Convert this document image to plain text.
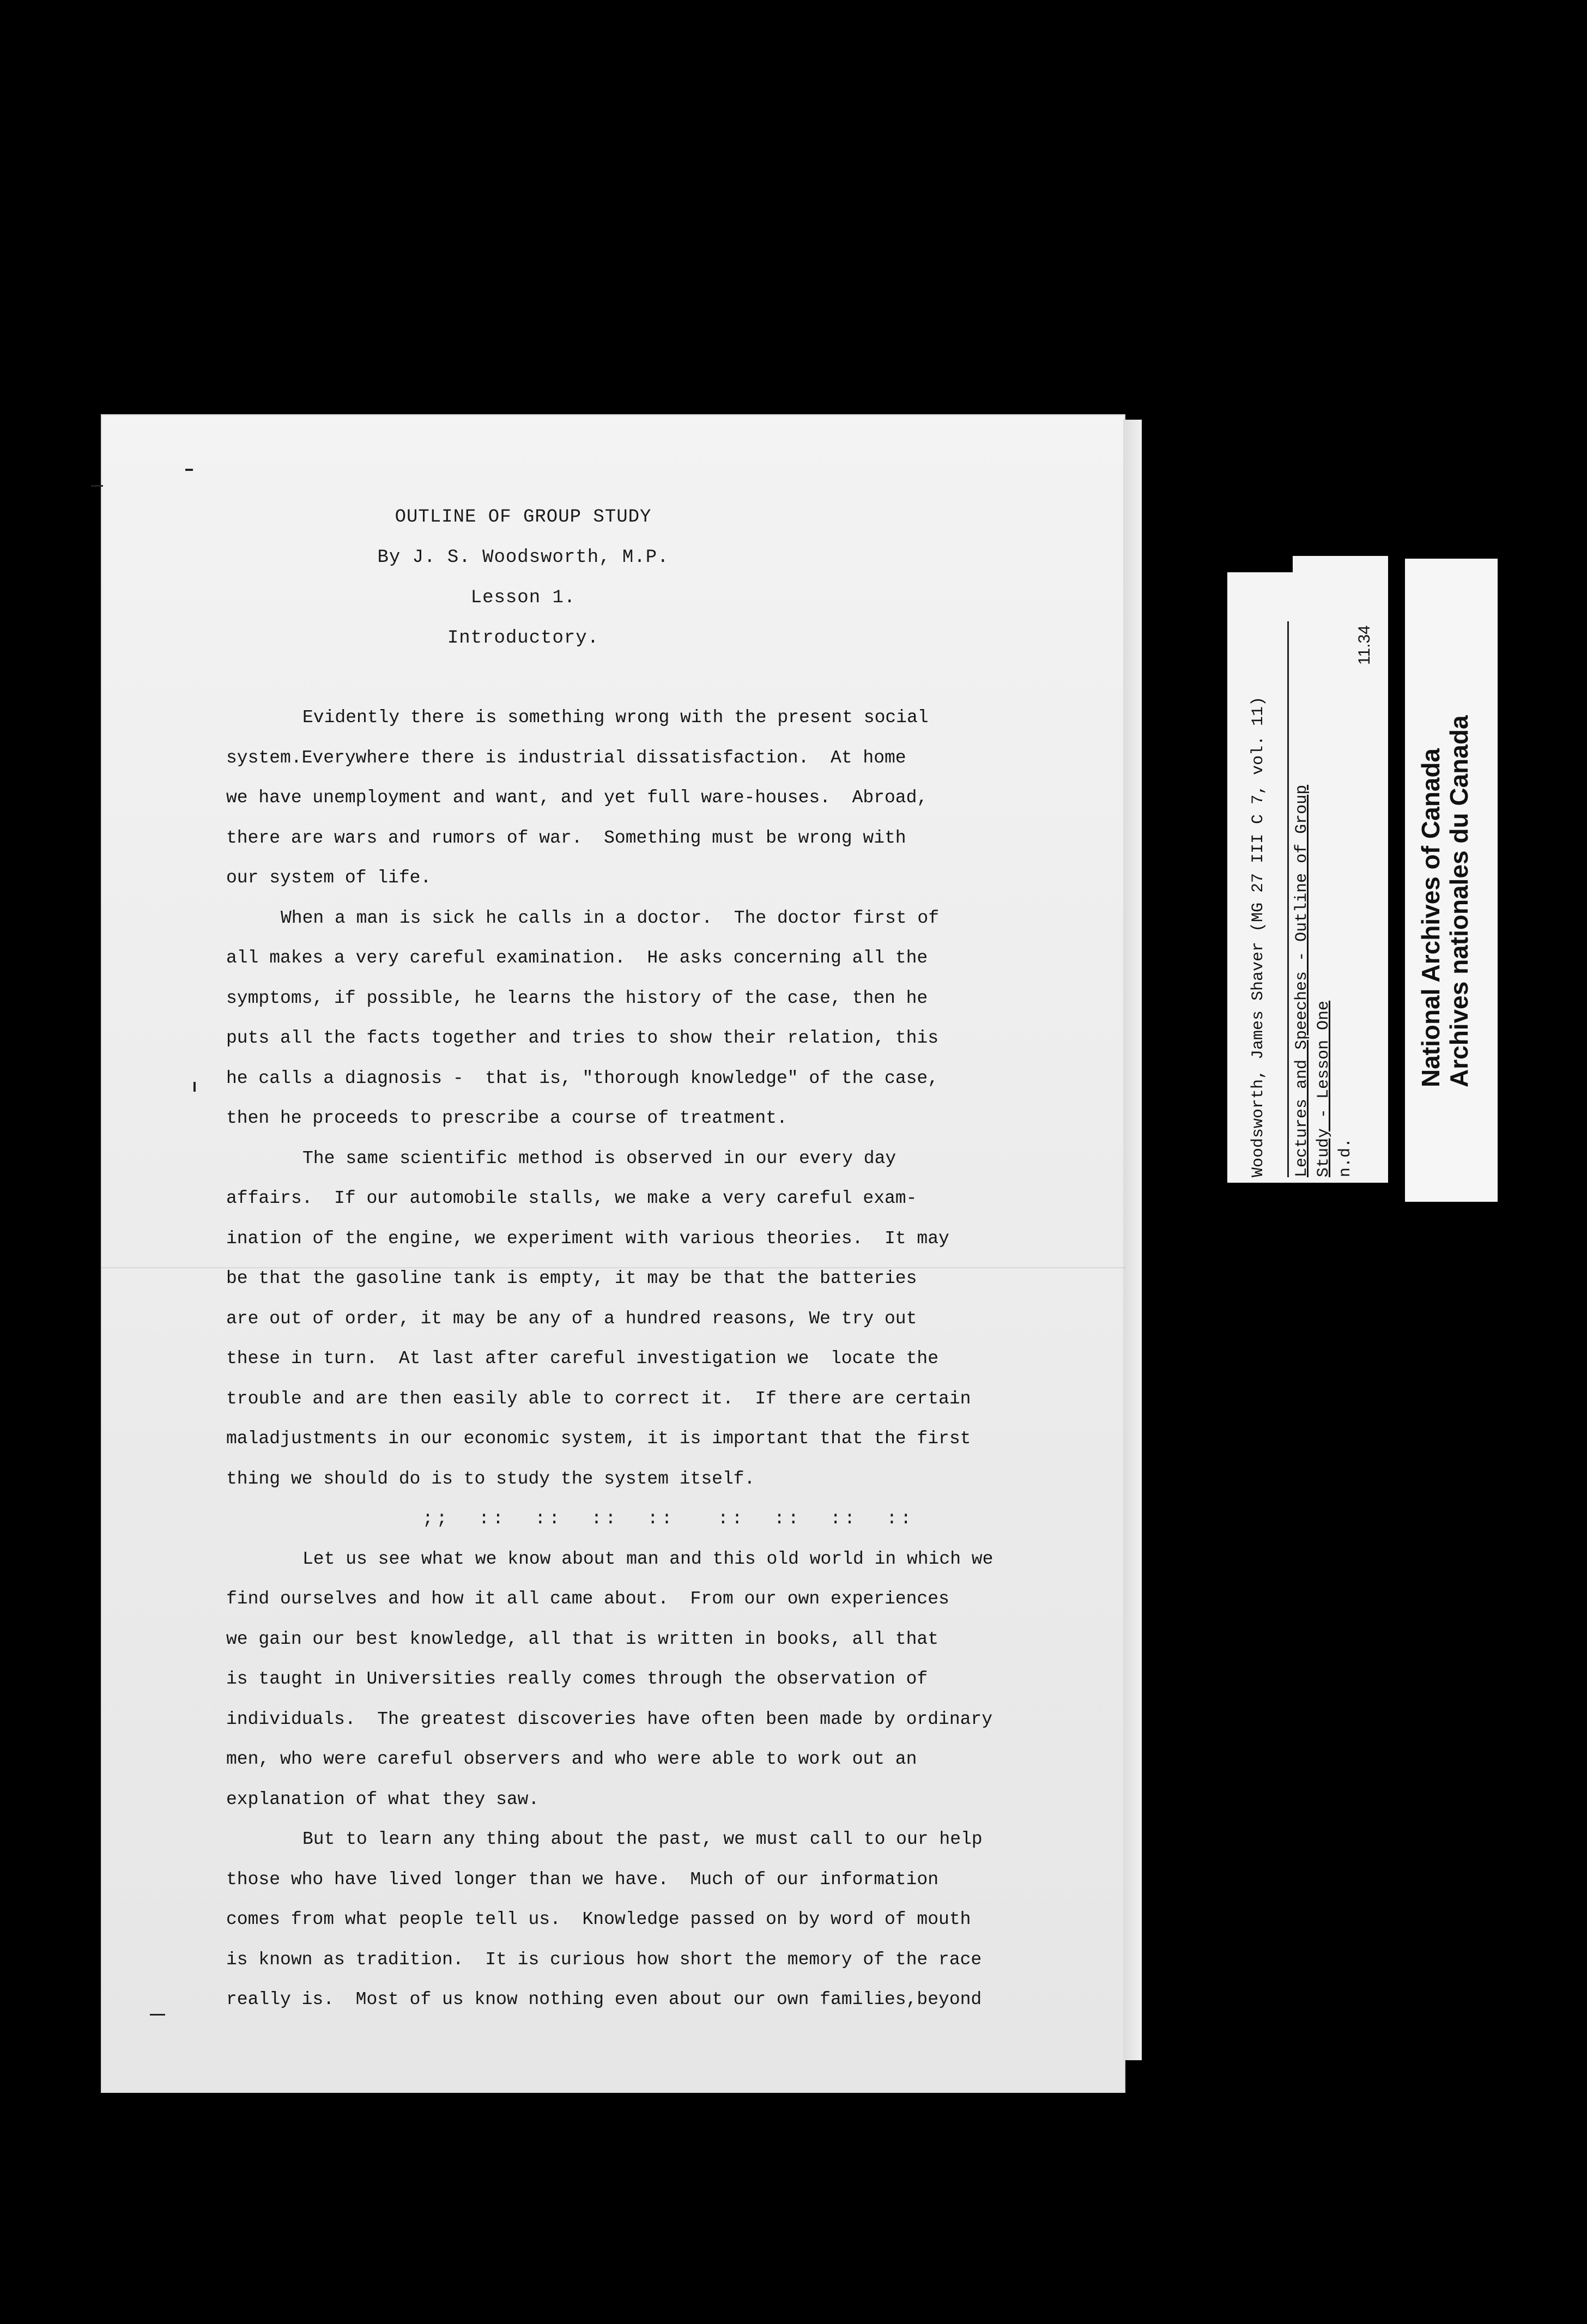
OUTLINE OF GROUP STUDY
By J. S. Woodsworth, M.P.
Lesson 1.
Introductory.
Evidently there is something wrong with the present social
system.Everywhere there is industrial dissatisfaction.  At home
we have unemployment and want, and yet full ware-houses.  Abroad,
there are wars and rumors of war.  Something must be wrong with
our system of life.
When a man is sick he calls in a doctor.  The doctor first of
all makes a very careful examination.  He asks concerning all the
symptoms, if possible, he learns the history of the case, then he
puts all the facts together and tries to show their relation, this
he calls a diagnosis -  that is, "thorough knowledge" of the case,
then he proceeds to prescribe a course of treatment.
The same scientific method is observed in our every day
affairs.  If our automobile stalls, we make a very careful exam-
ination of the engine, we experiment with various theories.  It may
be that the gasoline tank is empty, it may be that the batteries
are out of order, it may be any of a hundred reasons, We try out
these in turn.  At last after careful investigation we  locate the
trouble and are then easily able to correct it.  If there are certain
maladjustments in our economic system, it is important that the first
thing we should do is to study the system itself.
;;  ::  ::  ::  ::   ::  ::  ::  ::
Let us see what we know about man and this old world in which we
find ourselves and how it all came about.  From our own experiences
we gain our best knowledge, all that is written in books, all that
is taught in Universities really comes through the observation of
individuals.  The greatest discoveries have often been made by ordinary
men, who were careful observers and who were able to work out an
explanation of what they saw.
But to learn any thing about the past, we must call to our help
those who have lived longer than we have.  Much of our information
comes from what people tell us.  Knowledge passed on by word of mouth
is known as tradition.  It is curious how short the memory of the race
really is.  Most of us know nothing even about our own families,beyond
Woodsworth, James Shaver (MG 27 III C 7, vol. 11) Lectures and Speeches - Outline of Group Study - Lesson One n.d.
11.34
National Archives of Canada Archives nationales du Canada
